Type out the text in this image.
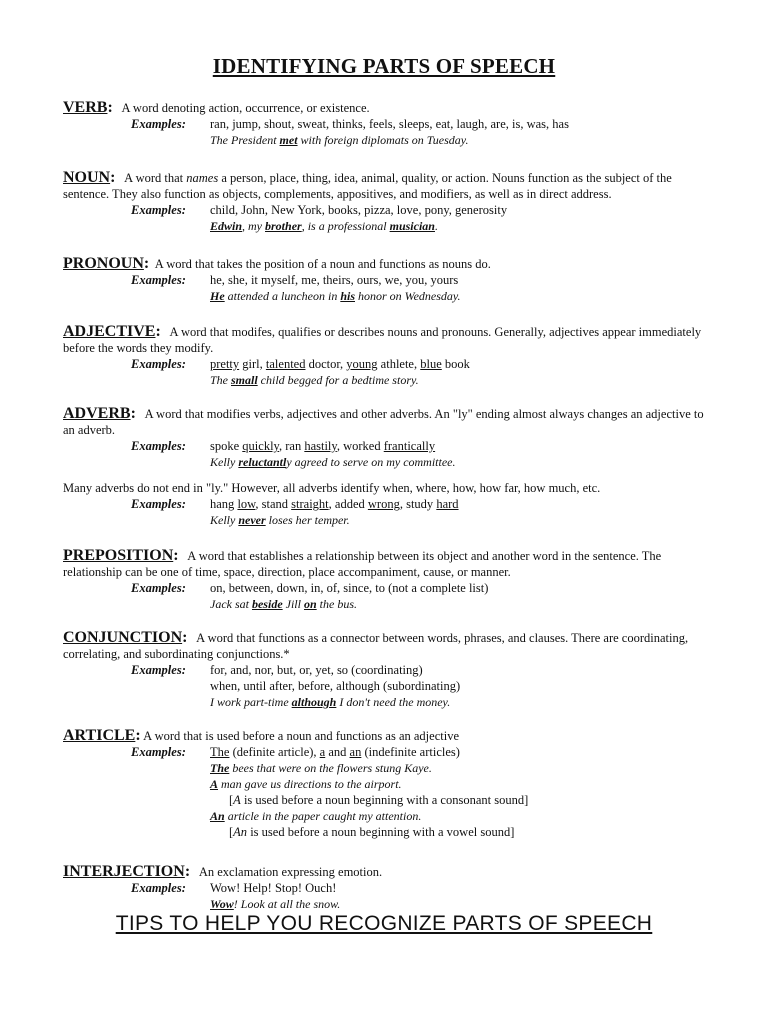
IDENTIFYING PARTS OF SPEECH
VERB: A word denoting action, occurrence, or existence.
Examples: ran, jump, shout, sweat, thinks, feels, sleeps, eat, laugh, are, is, was, has
The President met with foreign diplomats on Tuesday.
NOUN: A word that names a person, place, thing, idea, animal, quality, or action. Nouns function as the subject of the sentence. They also function as objects, complements, appositives, and modifiers, as well as in direct address.
Examples: child, John, New York, books, pizza, love, pony, generosity
Edwin, my brother, is a professional musician.
PRONOUN: A word that takes the position of a noun and functions as nouns do.
Examples: he, she, it myself, me, theirs, ours, we, you, yours
He attended a luncheon in his honor on Wednesday.
ADJECTIVE: A word that modifes, qualifies or describes nouns and pronouns. Generally, adjectives appear immediately before the words they modify.
Examples: pretty girl, talented doctor, young athlete, blue book
The small child begged for a bedtime story.
ADVERB: A word that modifies verbs, adjectives and other adverbs. An "ly" ending almost always changes an adjective to an adverb.
Examples: spoke quickly, ran hastily, worked frantically
Kelly reluctantly agreed to serve on my committee.
Many adverbs do not end in "ly." However, all adverbs identify when, where, how, how far, how much, etc.
Examples: hang low, stand straight, added wrong, study hard
Kelly never loses her temper.
PREPOSITION: A word that establishes a relationship between its object and another word in the sentence. The relationship can be one of time, space, direction, place accompaniment, cause, or manner.
Examples: on, between, down, in, of, since, to (not a complete list)
Jack sat beside Jill on the bus.
CONJUNCTION: A word that functions as a connector between words, phrases, and clauses. There are coordinating, correlating, and subordinating conjunctions.*
Examples: for, and, nor, but, or, yet, so (coordinating)
when, until after, before, although (subordinating)
I work part-time although I don't need the money.
ARTICLE: A word that is used before a noun and functions as an adjective
Examples: The (definite article), a and an (indefinite articles)
The bees that were on the flowers stung Kaye.
A man gave us directions to the airport.
[A is used before a noun beginning with a consonant sound]
An article in the paper caught my attention.
[An is used before a noun beginning with a vowel sound]
INTERJECTION: An exclamation expressing emotion.
Examples: Wow! Help! Stop! Ouch!
Wow! Look at all the snow.
TIPS TO HELP YOU RECOGNIZE PARTS OF SPEECH
